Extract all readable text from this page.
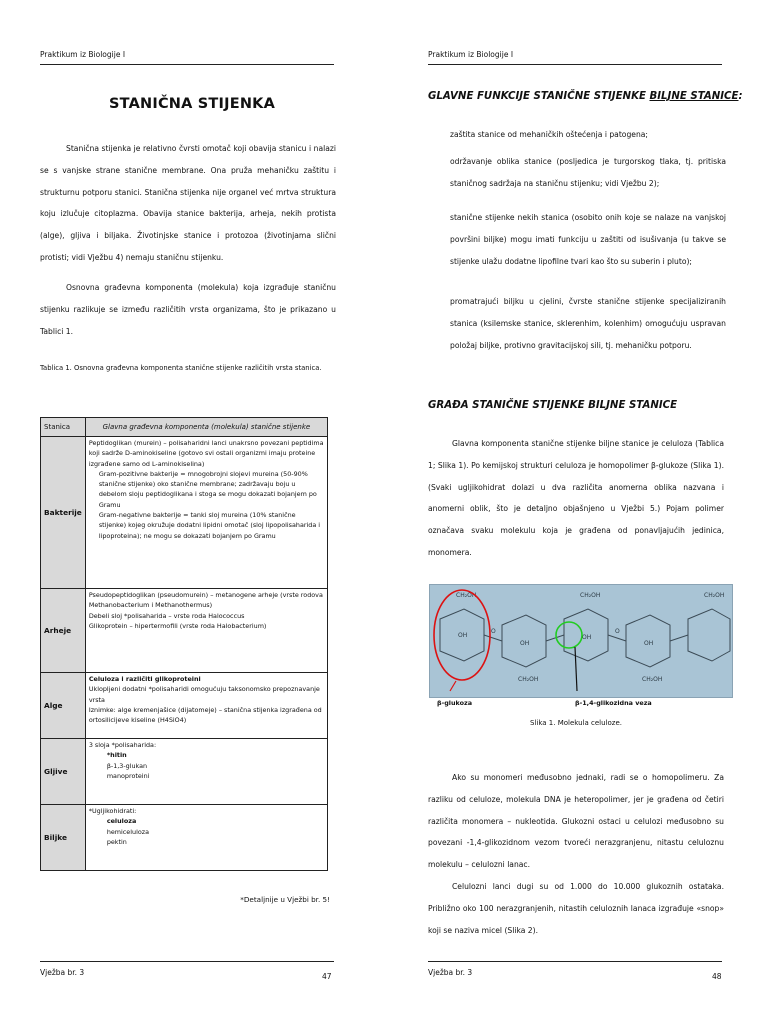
Praktikum iz Biologije I
STANIČNA STIJENKA
Stanična stijenka je relativno čvrsti omotač koji obavija stanicu i nalazi se s vanjske strane stanične membrane. Ona pruža mehaničku zaštitu i strukturnu potporu stanici. Stanična stijenka nije organel već mrtva struktura koju izlučuje citoplazma. Obavija stanice bakterija, arheja, nekih protista (alge), gljiva i biljaka. Životinjske stanice i protozoa (životinjama slični protisti; vidi Vježbu 4) nemaju staničnu stijenku.
Osnovna građevna komponenta (molekula) koja izgrađuje staničnu stijenku razlikuje se između različitih vrsta organizama, što je prikazano u Tablici 1.
Tablica 1. Osnovna građevna komponenta stanične stijenke različitih vrsta stanica.
Stanica	Glavna građevna komponenta (molekula) stanične stijenke
Bakterije	Peptidoglikan (murein) – polisaharidni lanci unakrsno povezani peptidima koji sadrže D-aminokiseline (gotovo svi ostali organizmi imaju proteine izgrađene samo od L-aminokiselina)
Gram-pozitivne bakterije = mnogobrojni slojevi mureina (50-90% stanične stijenke) oko stanične membrane; zadržavaju boju u debelom sloju peptidoglikana i stoga se mogu dokazati bojanjem po Gramu
Gram-negativne bakterije = tanki sloj mureina (10% stanične stijenke) kojeg okružuje dodatni lipidni omotač (sloj lipopolisaharida i lipoproteina); ne mogu se dokazati bojanjem po Gramu

Arheje	Pseudopeptidoglikan (pseudomurein) – metanogene arheje (vrste rodova Methanobacterium i Methanothermus)
Debeli sloj *polisaharida – vrste roda Halococcus
Glikoprotein – hipertermofili (vrste roda Halobacterium)

Alge	Celuloza i različiti glikoproteini
Ukloplјeni dodatni *polisaharidi omogućuju taksonomsko prepoznavanje vrsta
Iznimke: alge kremenjašice (dijatomeje) – stanična stijenka izgrađena od ortosilicijeve kiseline (H4SiO4)

Gljive	3 sloja *polisaharida:
*hitin
β-1,3-glukan
manoproteini

Biljke	*Ugljikohidrati:
celuloza
hemiceluloza
pektin
*Detaljnije u Vježbi br. 5!
Vježba br. 3	47
Praktikum iz Biologije I
GLAVNE FUNKCIJE STANIČNE STIJENKE BILJNE STANICE:
zaštita stanice od mehaničkih oštećenja i patogena;
održavanje oblika stanice (posljedica je turgorskog tlaka, tj. pritiska staničnog sadržaja na staničnu stijenku; vidi Vježbu 2);
stanične stijenke nekih stanica (osobito onih koje se nalaze na vanjskoj površini biljke) mogu imati funkciju u zaštiti od isušivanja (u takve se stijenke ulažu dodatne lipofilne tvari kao što su suberin i pluto);
promatrajući biljku u cjelini, čvrste stanične stijenke specijaliziranih stanica (ksilemske stanice, sklerenhim, kolenhim) omogućuju uspravan položaj biljke, protivno gravitacijskoj sili, tj. mehaničku potporu.
GRAĐA STANIČNE STIJENKE BILJNE STANICE
Glavna komponenta stanične stijenke biljne stanice je celuloza (Tablica 1; Slika 1). Po kemijskoj strukturi celuloza je homopolimer β-glukoze (Slika 1). (Svaki ugljikohidrat dolazi u dva različita anomerna oblika nazvana i anomerni oblik, što je detaljno objašnjeno u Vježbi 5.) Pojam polimer označava svaku molekulu koja je građena od ponavljajućih jedinica, monomera.
Slika 1. Molekula celuloze.
Ako su monomeri međusobno jednaki, radi se o homopolimeru. Za razliku od celuloze, molekula DNA je heteropolimer, jer je građena od četiri različita monomera – nukleotida. Glukozni ostaci u celulozi međusobno su povezani -1,4-glikozidnom vezom tvoreći nerazgranjenu, nitastu celuloznu molekulu – celulozni lanac.
Celulozni lanci dugi su od 1.000 do 10.000 glukoznih ostataka. Približno oko 100 nerazgranjenih, nitastih celuloznih lanaca izgrađuje «snop» koji se naziva micel (Slika 2).
Vježba br. 3	48
CH₂OH
OH
CH₂OH
O
CH₂OH
O
CH₂OH
CH₂OH
OH
OH
OH
β-glukoza	β-1,4-glikozidna veza
